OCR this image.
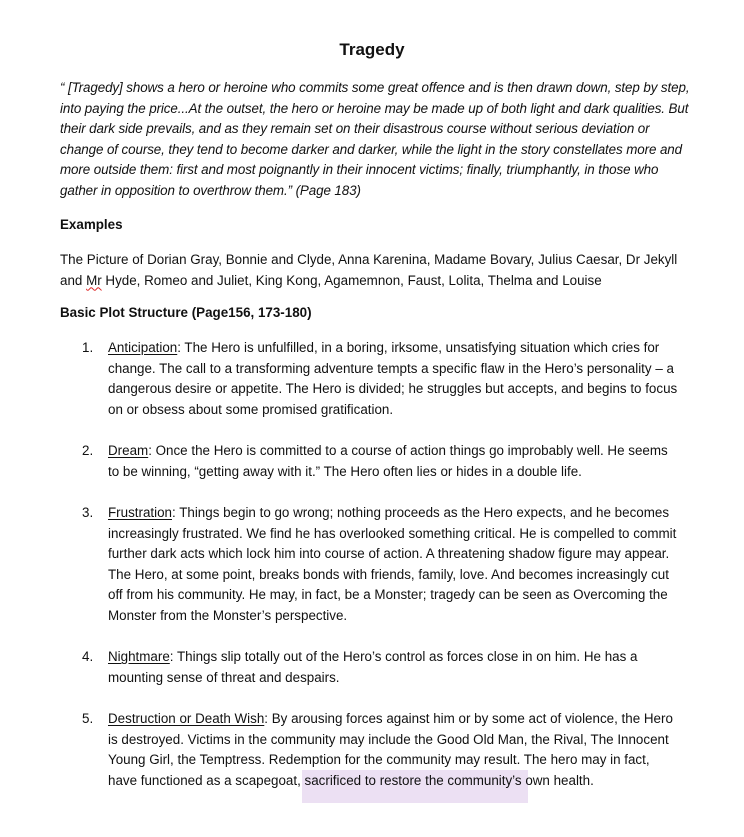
Tragedy
“ [Tragedy] shows a hero or heroine who commits some great offence and is then drawn down, step by step, into paying the price...At the outset, the hero or heroine may be made up of both light and dark qualities. But their dark side prevails, and as they remain set on their disastrous course without serious deviation or change of course, they tend to become darker and darker, while the light in the story constellates more and more outside them: first and most poignantly in their innocent victims; finally, triumphantly, in those who gather in opposition to overthrow them.” (Page 183)
Examples
The Picture of Dorian Gray, Bonnie and Clyde, Anna Karenina, Madame Bovary, Julius Caesar, Dr Jekyll and Mr Hyde, Romeo and Juliet, King Kong, Agamemnon, Faust, Lolita, Thelma and Louise
Basic Plot Structure (Page156, 173-180)
1.	Anticipation: The Hero is unfulfilled, in a boring, irksome, unsatisfying situation which cries for change. The call to a transforming adventure tempts a specific flaw in the Hero’s personality – a dangerous desire or appetite. The Hero is divided; he struggles but accepts, and begins to focus on or obsess about some promised gratification.
2.	Dream: Once the Hero is committed to a course of action things go improbably well. He seems to be winning, “getting away with it.” The Hero often lies or hides in a double life.
3.	Frustration: Things begin to go wrong; nothing proceeds as the Hero expects, and he becomes increasingly frustrated. We find he has overlooked something critical. He is compelled to commit further dark acts which lock him into course of action. A threatening shadow figure may appear. The Hero, at some point, breaks bonds with friends, family, love. And becomes increasingly cut off from his community. He may, in fact, be a Monster; tragedy can be seen as Overcoming the Monster from the Monster’s perspective.
4.	Nightmare: Things slip totally out of the Hero’s control as forces close in on him. He has a mounting sense of threat and despairs.
5.	Destruction or Death Wish: By arousing forces against him or by some act of violence, the Hero is destroyed. Victims in the community may include the Good Old Man, the Rival, The Innocent Young Girl, the Temptress. Redemption for the community may result. The hero may in fact, have functioned as a scapegoat, sacrificed to restore the community’s own health.
